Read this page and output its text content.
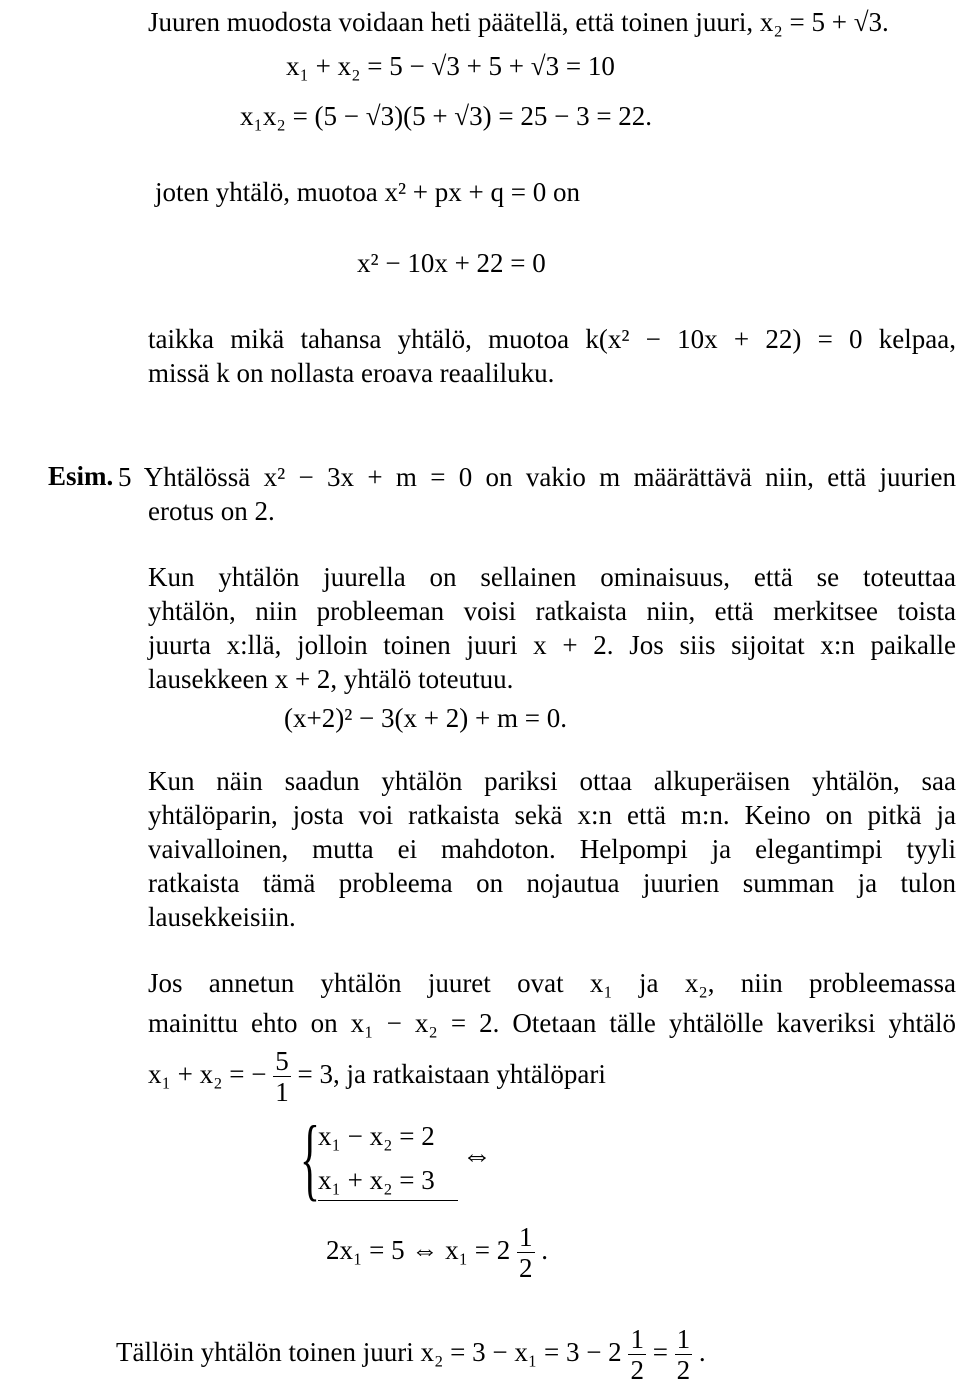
Juuren muodosta voidaan heti päätellä, että toinen juuri, x₂ = 5 + √3.
x₁ + x₂ = 5 − √3 + 5 + √3 = 10
x₁x₂ = (5 − √3)(5 + √3) = 25 − 3 = 22.
joten yhtälö, muotoa x² + px + q = 0 on
x² − 10x + 22 = 0
taikka mikä tahansa yhtälö, muotoa k(x² − 10x + 22) = 0 kelpaa,
missä k on nollasta eroava reaaliluku.
Esim. 5 Yhtälössä x² − 3x + m = 0 on vakio m määrättävä niin, että juurien
erotus on 2.
Kun yhtälön juurella on sellainen ominaisuus, että se toteuttaa
yhtälön, niin probleeman voisi ratkaista niin, että merkitsee toista
juurta x:llä, jolloin toinen juuri x + 2. Jos siis sijoitat x:n paikalle
lausekkeen x + 2, yhtälö toteutuu.
(x+2)² − 3(x + 2) + m = 0.
Kun näin saadun yhtälön pariksi ottaa alkuperäisen yhtälön, saa
yhtälöparin, josta voi ratkaista sekä x:n että m:n. Keino on pitkä ja
vaivalloinen, mutta ei mahdoton. Helpompi ja elegantimpi tyyli
ratkaista tämä probleema on nojautua juurien summan ja tulon
lausekkeisiin.
Jos annetun yhtälön juuret ovat x₁ ja x₂, niin probleemassa
mainittu ehto on x₁ − x₂ = 2. Otetaan tälle yhtälölle kaveriksi yhtälö
x₁ + x₂ = − $\frac{5}{1} = 3$, ja ratkaistaan yhtälöpari
{
x₁ − x₂ = 2
x₁ + x₂ = 3
⇔
2x₁ = 5 ⇔ $x_1 = 2 \frac{1}{2}$ .
Tällöin yhtälön toinen juuri $x_2 = 3 - x_1 = 3 - 2 \frac{1}{2} = \frac{1}{2}$ .
